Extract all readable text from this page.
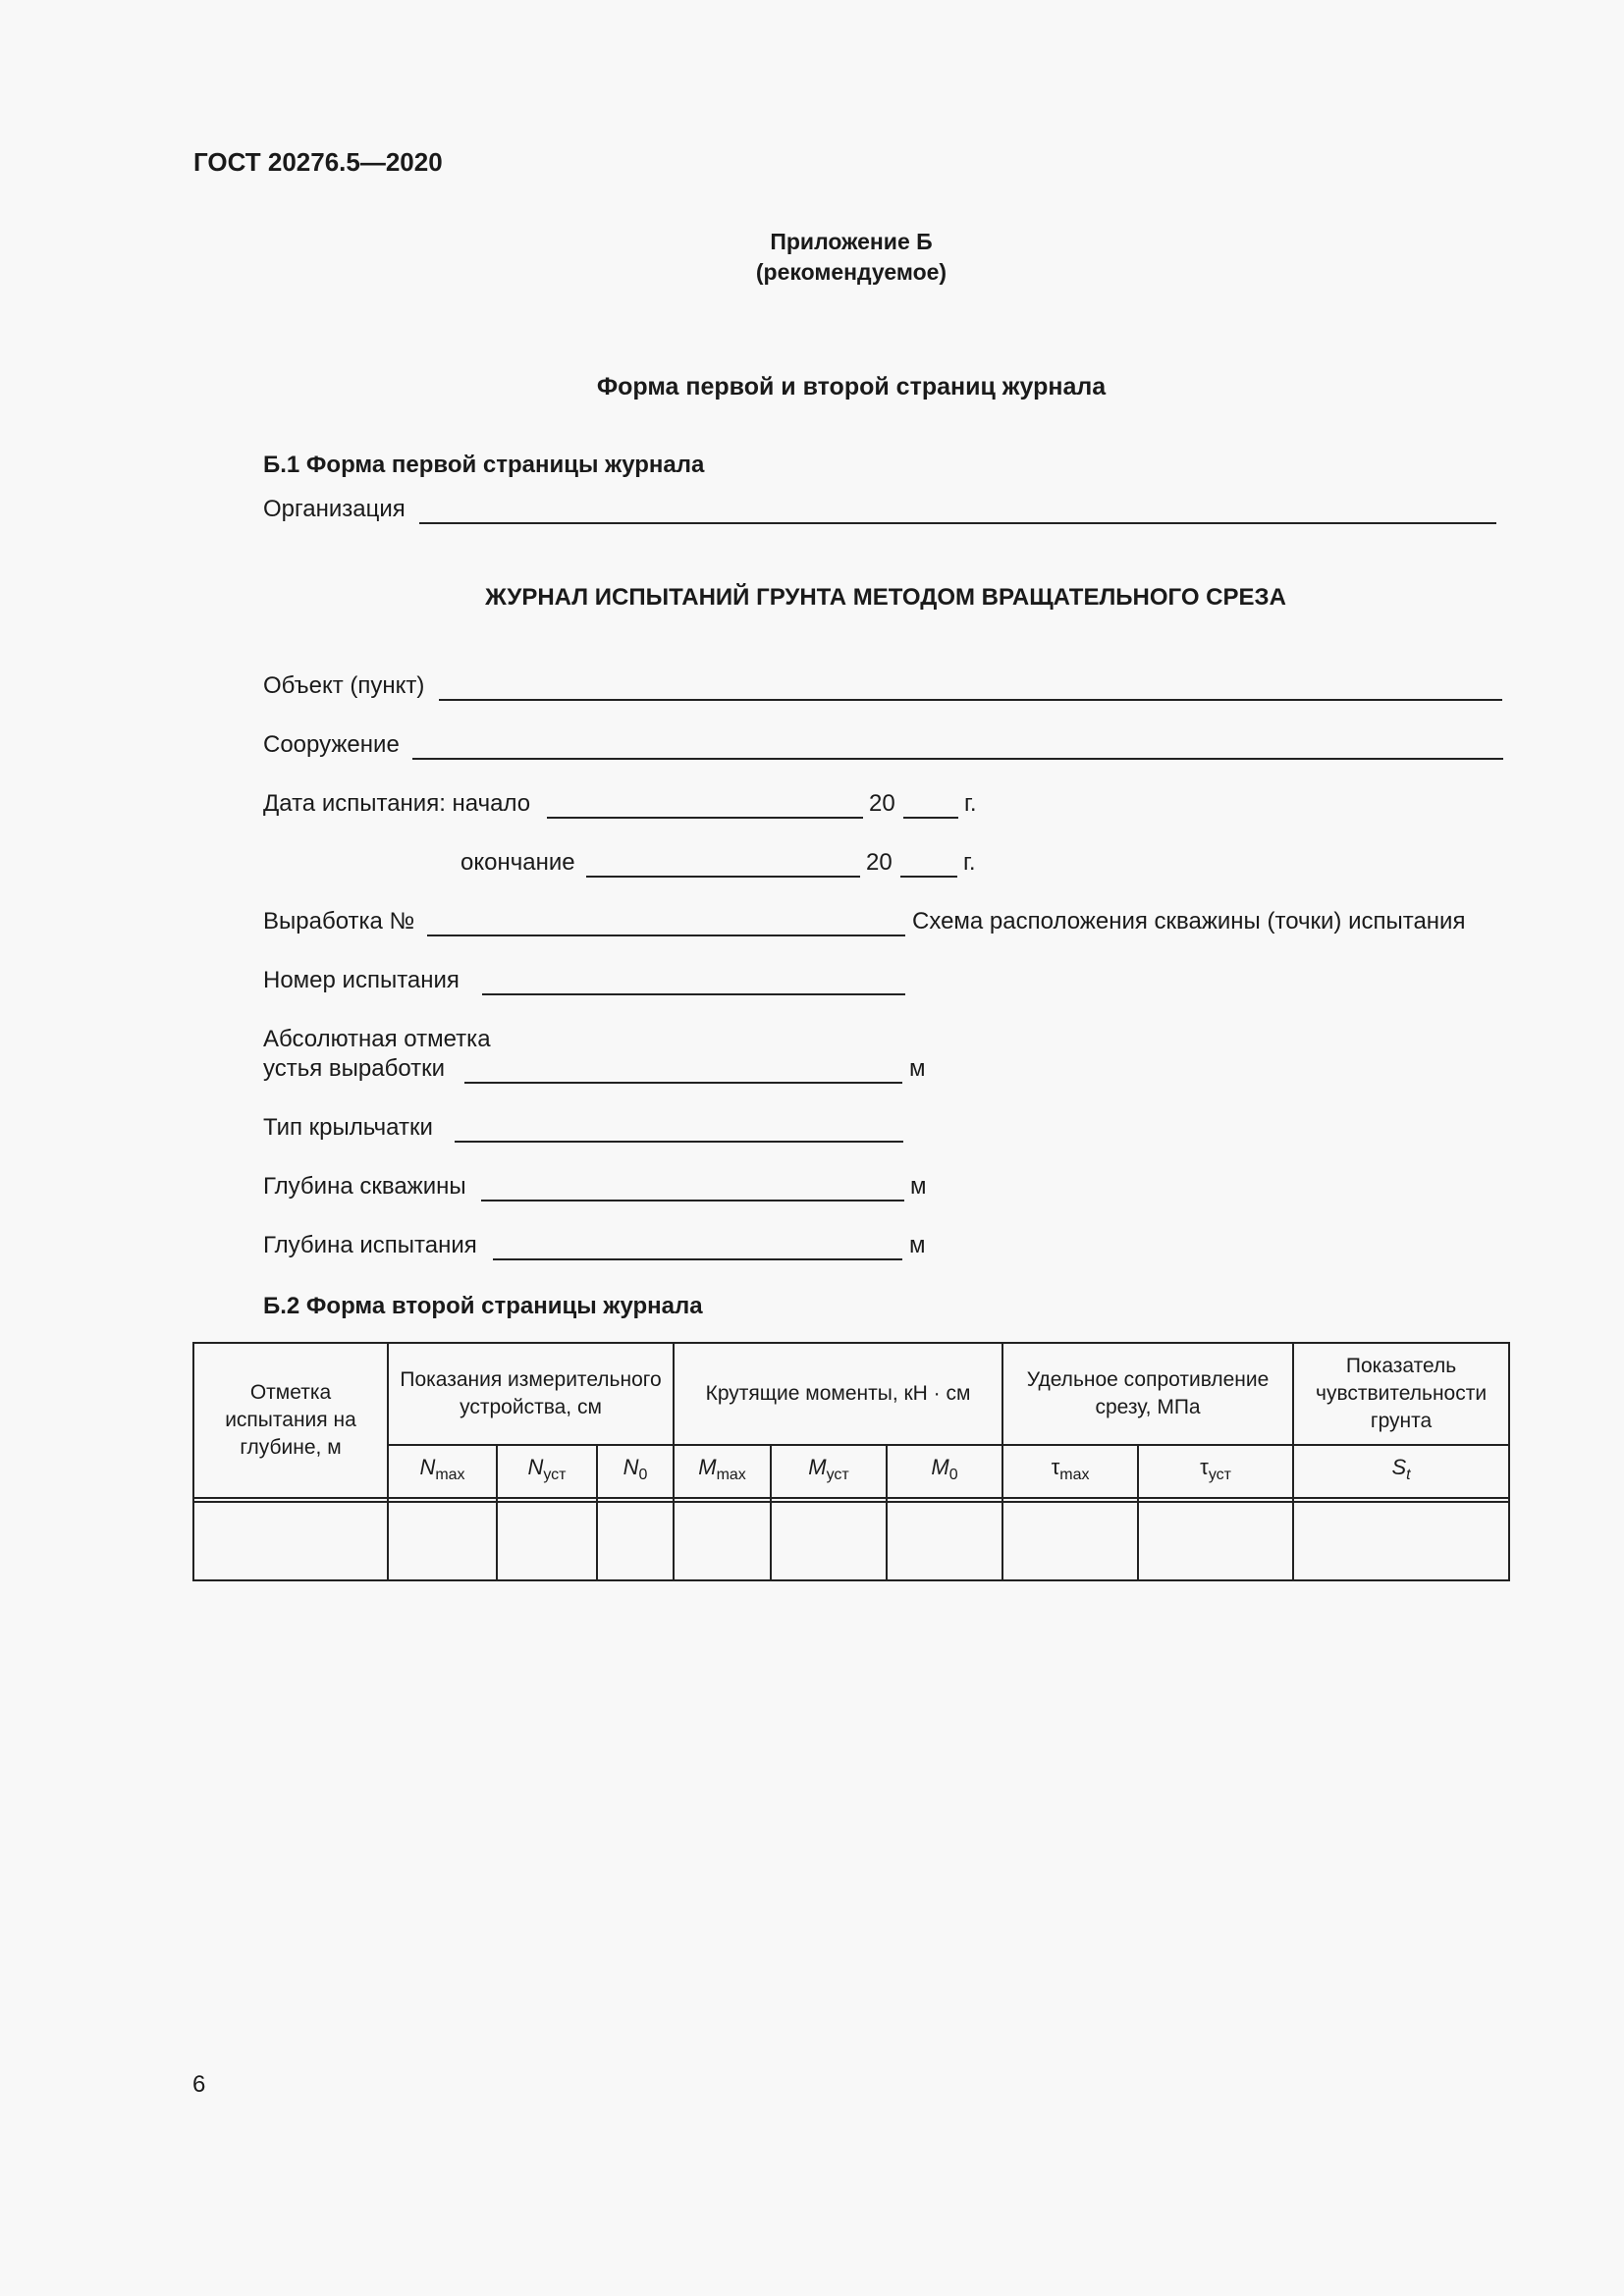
ГОСТ 20276.5—2020
Приложение Б
(рекомендуемое)
Форма первой и второй страниц журнала
Б.1 Форма первой страницы журнала
Организация
ЖУРНАЛ ИСПЫТАНИЙ ГРУНТА МЕТОДОМ ВРАЩАТЕЛЬНОГО СРЕЗА
Объект (пункт)
Сооружение
Дата испытания: начало	20	г.
окончание	20	г.
Выработка №	Схема расположения скважины (точки) испытания
Номер испытания
Абсолютная отметка
устья выработки	м
Тип крыльчатки
Глубина скважины	м
Глубина испытания	м
Б.2 Форма второй страницы журнала
Отметка испытания на глубине, м	Показания измерительного устройства, см			Крутящие моменты, кН · см			Удельное сопротивление срезу, МПа		Показатель чувствительности грунта
	$N_{max}$	$N_{уст}$	$N_0$	$M_{max}$	$M_{уст}$	$M_0$	$\tau_{max}$	$\tau_{уст}$	$S_t$

6
